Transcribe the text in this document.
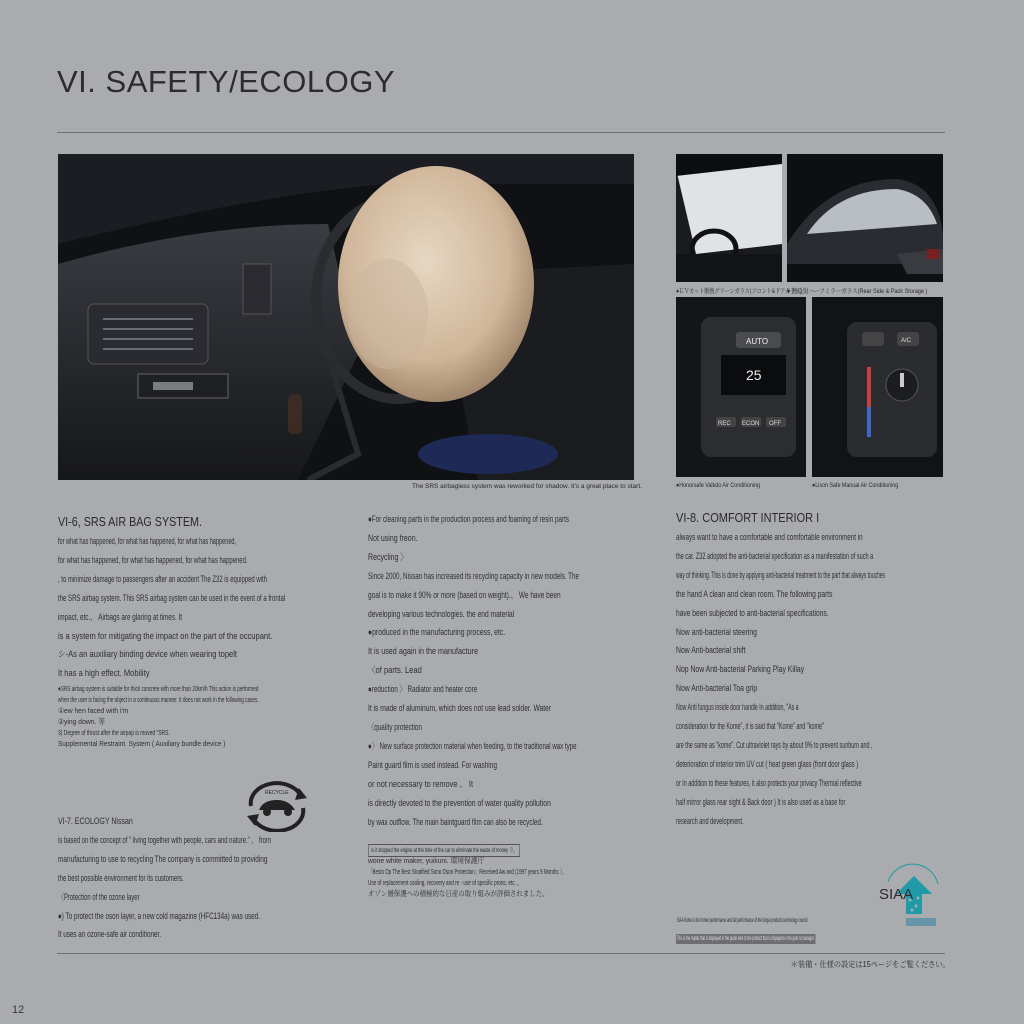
VI. SAFETY/ECOLOGY
The SRS airbagless system was reworked for shadow. It's a great place to start.
●ＵＶカット断熱グリーンガラス(フロント&ドアガラス)
● 熱反射ハーフミラーガラス(Rear Side & Pack Storage )
AUTO
25
REC ECON OFF
A/C
●Honorsafe Valkdo Air Conditioning	●Lison Safe Manual Air Conditioning
VI-6, SRS AIR BAG SYSTEM.
for what has happened, for what has happened, for what has happened,
for what has happened, for what has happened, for what has happened.
, to minimize damage to passengers after an accident The Z32 is equipped with
the SRS airbag system. This SRS airbag system can be used in the event of a frontal
impact, etc.、 Airbags are glaring at times. It
is a system for mitigating the impact on the part of the occupant.
シ-As an auxiliary binding device when wearing topelt
It has a high effect. Mobility
●SRS airbag system is suitable for thick concrete with more than 20km/h This action is performed
when the user is facing the object in a continuous manner. It does not work in the following cases.
①ew hen faced with i'm
②ying down. 等
3) Degree of thrust after the airpap is moved "SRS.
Supplemental Restraint. System ( Auxiliary bundle device )
RECYCLE
VI-7. ECOLOGY Nissan
is based on the concept of " living together with people, cars and nature." 、 from
manufacturing to use to recycling The company is committed to providing
the best possible environment for its customers.
〈Protection of the ozone layer
●) To protect the oson layer, a new cold magazine (HFC134a) was used.
It uses an ozone-safe air conditioner.
●For cleaning parts in the production process and foaming of resin parts
Not using freon.
Recycling 〉
Since 2000, Nissan has increased its recycling capacity in new models. The
goal is to make it 90% or more (based on weight).、 We have been
developing various technologies. the end material
●produced in the manufacturing process, etc.
It is used again in the manufacture
〈of parts. Lead
●reduction 〉 Radiator and heater core
It is made of aluminum, which does not use lead solder. Water
〈quality protection
●〉 New surface protection material when feeding, to the traditional wax type
Paint guard film is used instead. For washing
or not necessary to remove 、 It
is directly devoted to the prevention of water quality pollution
by wax outflow. The main baintguard film can also be recycled.
is it stopped the engine at the time of the car to eliminate the waste of money ラ。
wone white maker, yuikuni. 環境保護庁
「Besto Op The Best Stratified Sono Oson Protection」Received Aw and (1997 years 9 Months ）、
Use of replacement cooling, recovery and re - use of specific prons, etc. 、
オゾン層保護への積極的な日産の取り組みが評価されました。
VI-8. COMFORT INTERIOR I
always want to have a comfortable and comfortable environment in
the car. Z32 adopted the anti-bacterial specification as a manifestation of such a
way of thinking. This is done by applying anti-bacterial treatment to the part that always touches
the hand A clean and clean room. The following parts
have been subjected to anti-bacterial specifications.
Now anti-bacterial steering
Now Anti-bacterial shift
Nop Now Anti-bacterial Parking Play Killay
Now Anti-bacterial Toa grip
Now Anti fungus inside door handle In addition, "As a
consideration for the Kome", it is said that "Kome" and "kome"
are the same as "kome". Cut ultraviolet rays by about 9% to prevent sunburn and ,
deterioration of interior trim UV cut ( heat green glass (front door glass )
or In addition to these features, it also protects your privacy Thermal reflective
half mirror glass rear sight & Back door ) It is also used as a base for
research and development.
SIAA Kome is the former performance and fall performance of the fungal products technology council
This is the matter that is displayed in the guide wire to the product that is displayed in the gate to manager.
SIAA
＊装備・仕様の設定は15ページをご覧ください。
12
